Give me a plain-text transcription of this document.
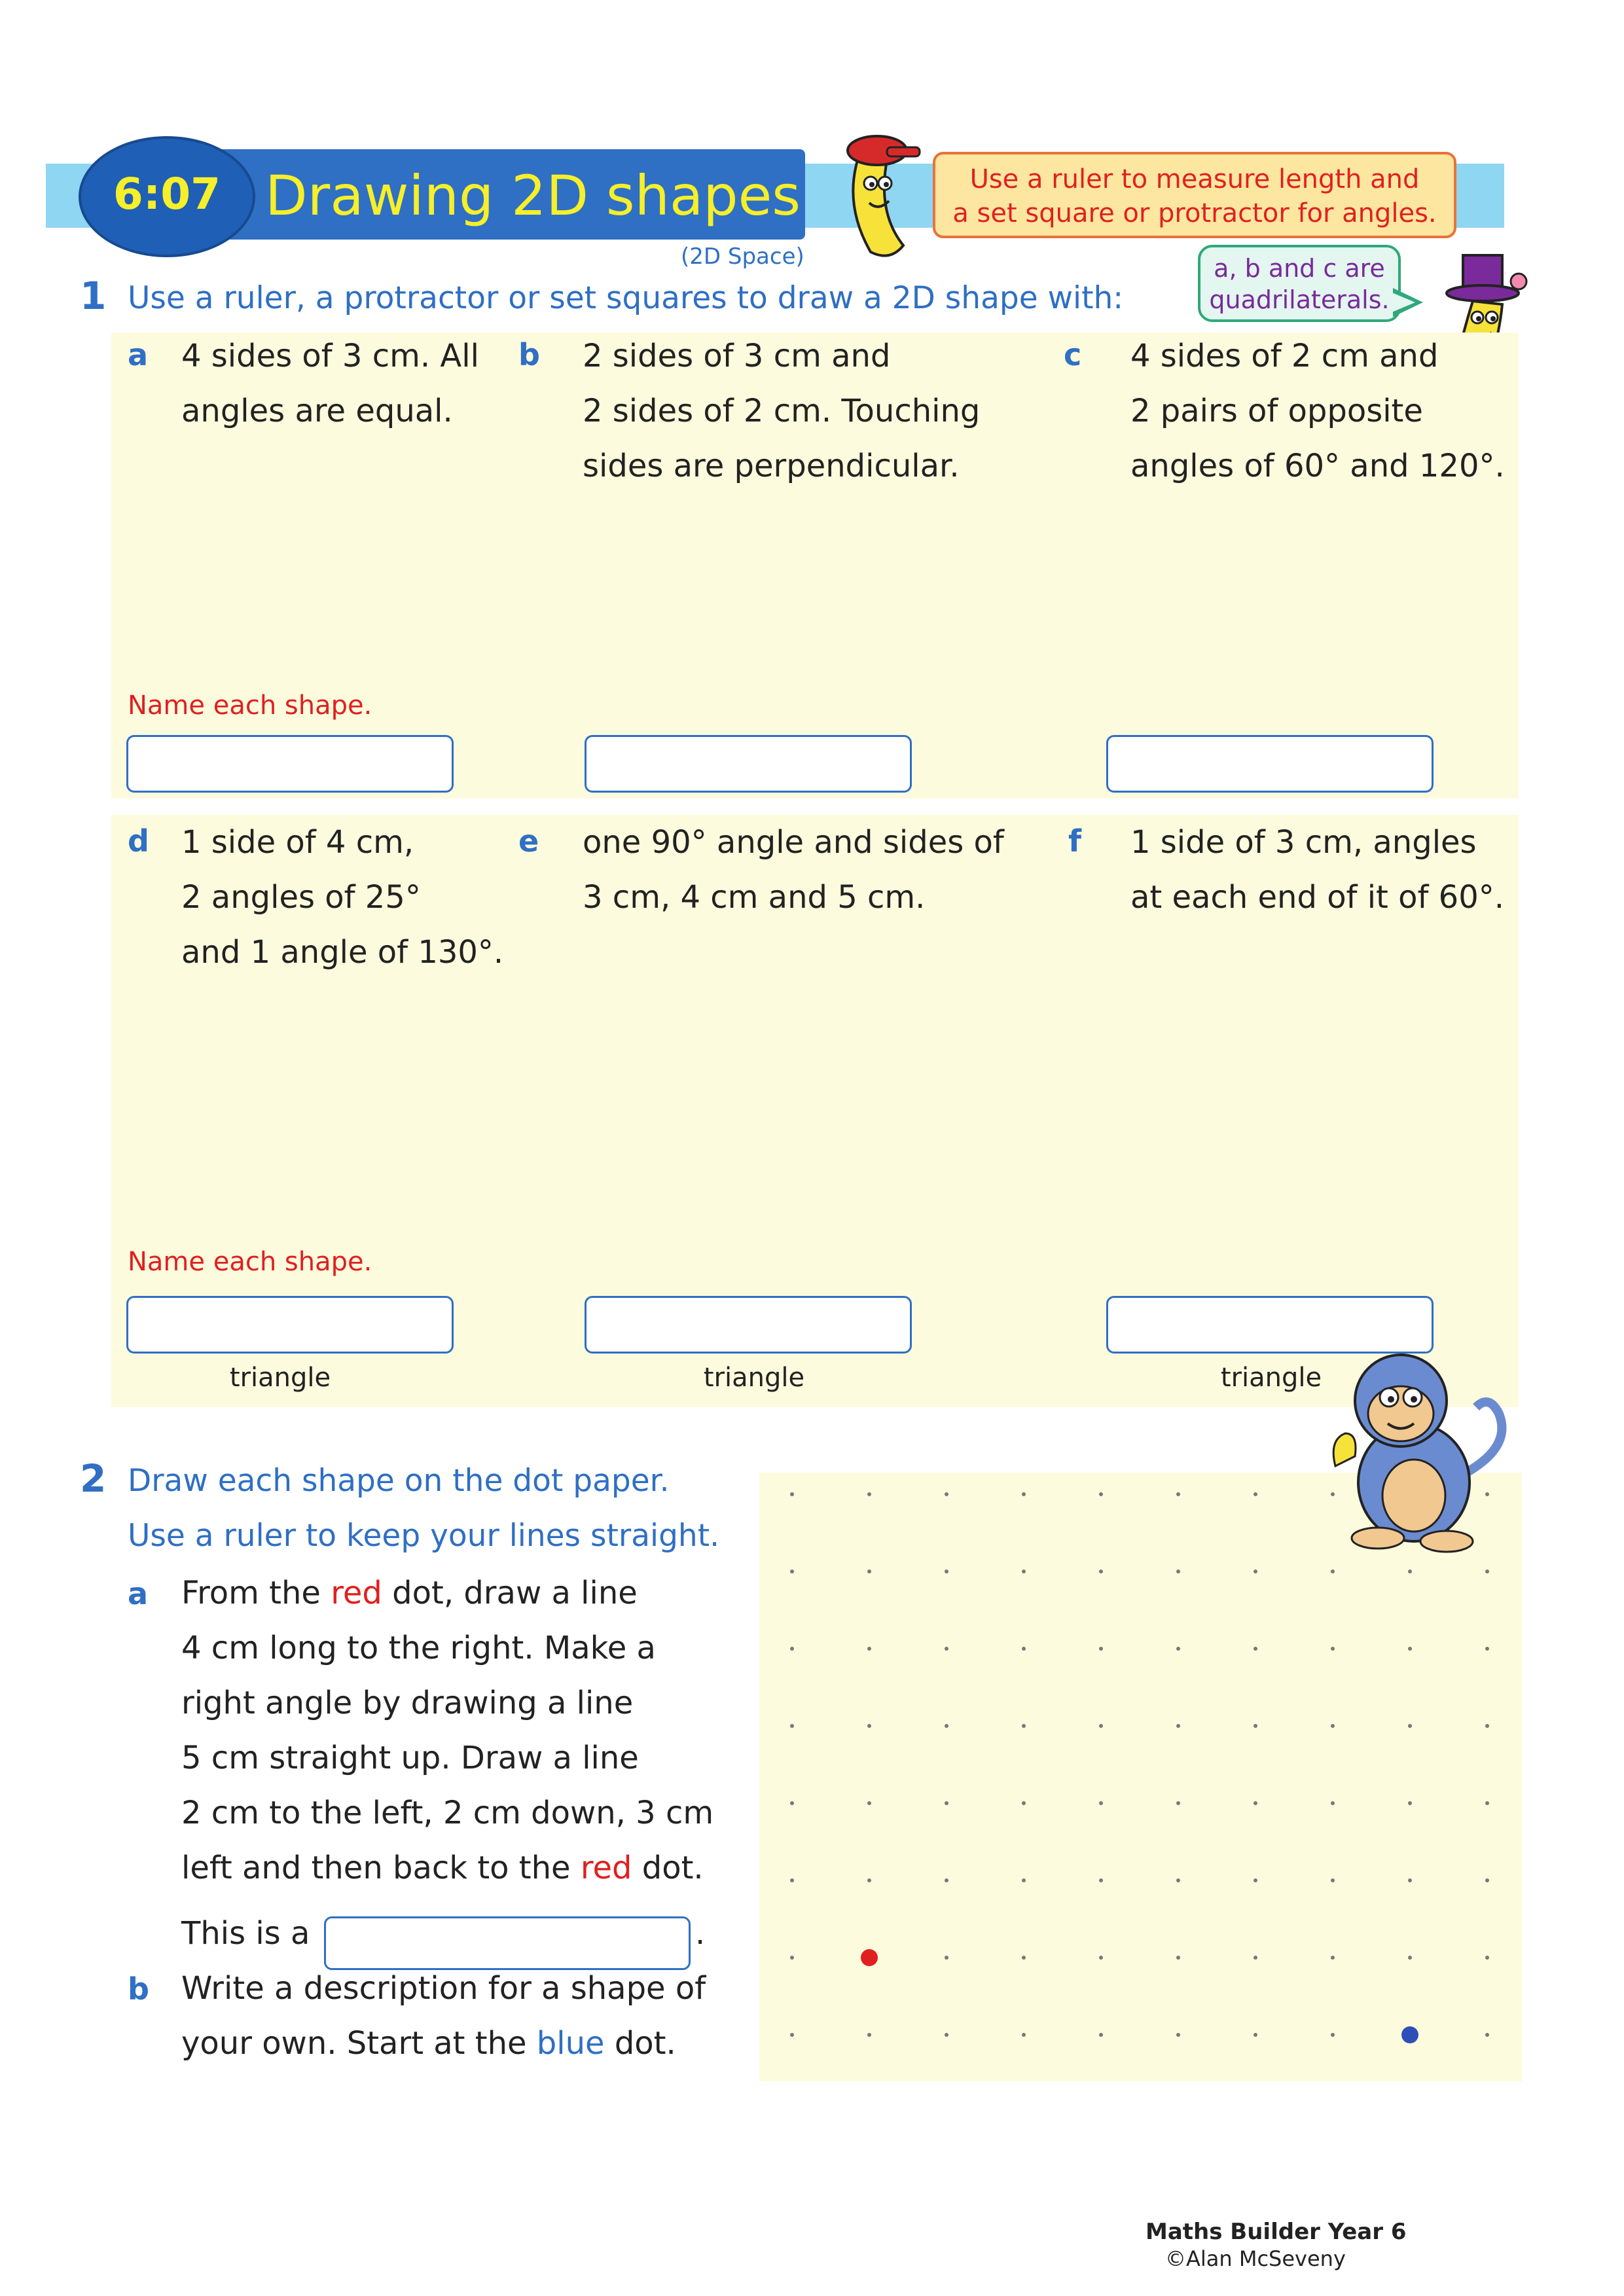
Drawing 2D shapes
6:07
(2D Space)
Use a ruler to measure length and
a set square or protractor for angles.
a, b and c are
quadrilaterals.
1 Use a ruler, a protractor or set squares to draw a 2D shape with:
a 4 sides of 3 cm. All
angles are equal.
b 2 sides of 3 cm and
2 sides of 2 cm. Touching
sides are perpendicular.
c 4 sides of 2 cm and
2 pairs of opposite
angles of 60° and 120°.
Name each shape.
d 1 side of 4 cm,
2 angles of 25°
and 1 angle of 130°.
e one 90° angle and sides of
3 cm, 4 cm and 5 cm.
f 1 side of 3 cm, angles
at each end of it of 60°.
Name each shape.
triangle	triangle	triangle
2 Draw each shape on the dot paper.
Use a ruler to keep your lines straight.
a From the red dot, draw a line
4 cm long to the right. Make a
right angle by drawing a line
5 cm straight up. Draw a line
2 cm to the left, 2 cm down, 3 cm
left and then back to the red dot.
This is a	.
b Write a description for a shape of
your own. Start at the blue dot.
Maths Builder Year 6
©Alan McSeveny
